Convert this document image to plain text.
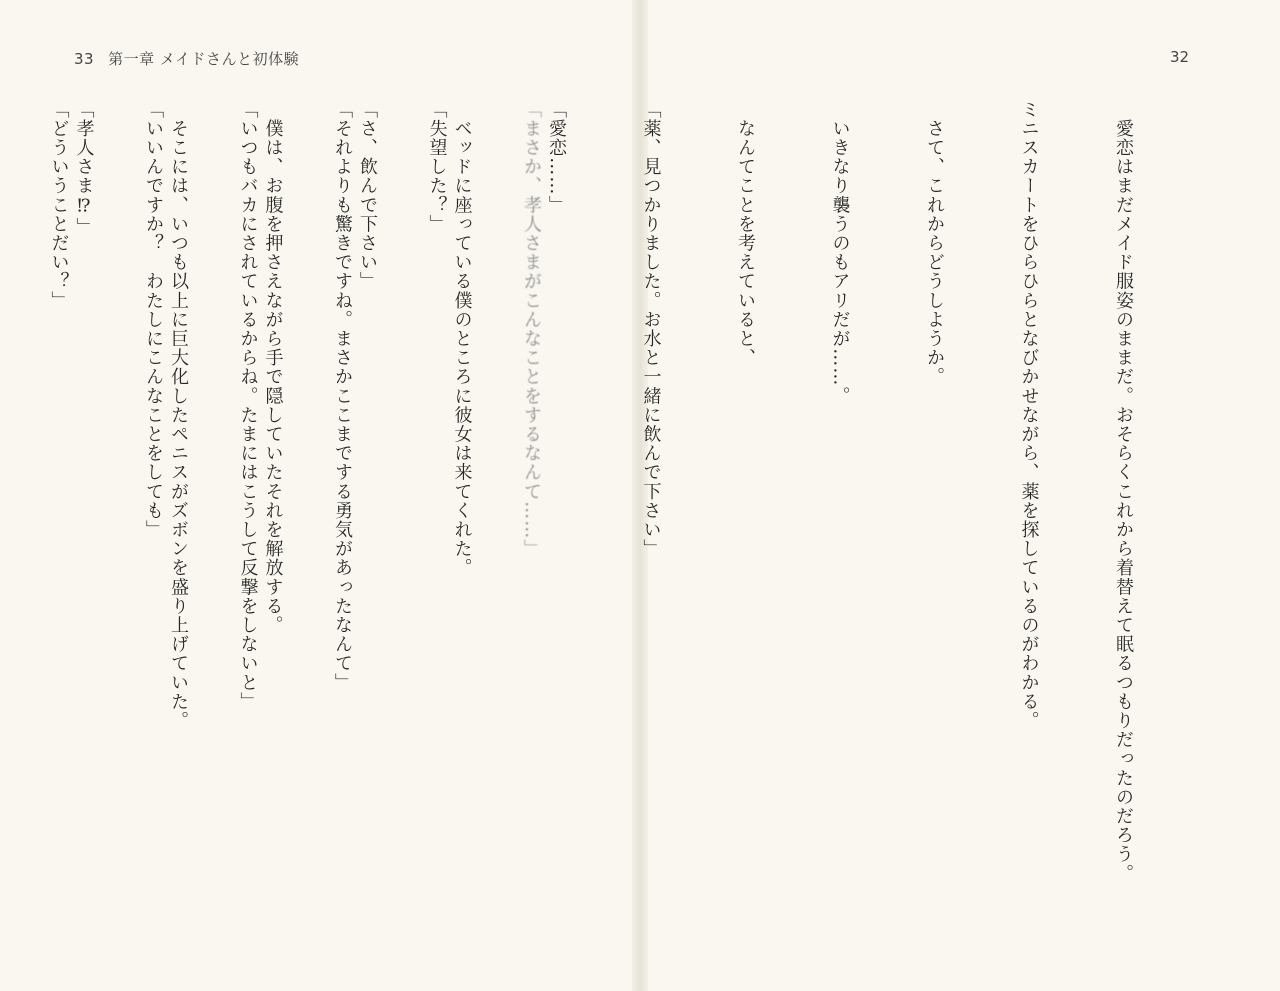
33 第一章 メイドさんと初体験	32

　愛恋はまだメイド服姿のままだ。おそらくこれから着替えて眠るつもりだったのだろう。

ミニスカートをひらひらとなびかせながら、薬を探しているのがわかる。

　さて、これからどうしようか。

　いきなり襲うのもアリだが……。

　なんてことを考えていると、

「薬、見つかりました。お水と一緒に飲んで下さい」

「愛恋……」

　ベッドに座っている僕のところに彼女は来てくれた。

「さ、飲んで下さい」

　僕は、お腹を押さえながら手で隠していたそれを解放する。

　そこには、いつも以上に巨大化したペニスがズボンを盛り上げていた。

「孝人さま⁉」

	「まさか、孝人さまがこんなことをするなんて……」

「失望した？」

「それよりも驚きですね。まさかここまでする勇気があったなんて」

「いつもバカにされているからね。たまにはこうして反撃をしないと」

「いいんですか？　わたしにこんなことをしても」

「どういうことだい？」
